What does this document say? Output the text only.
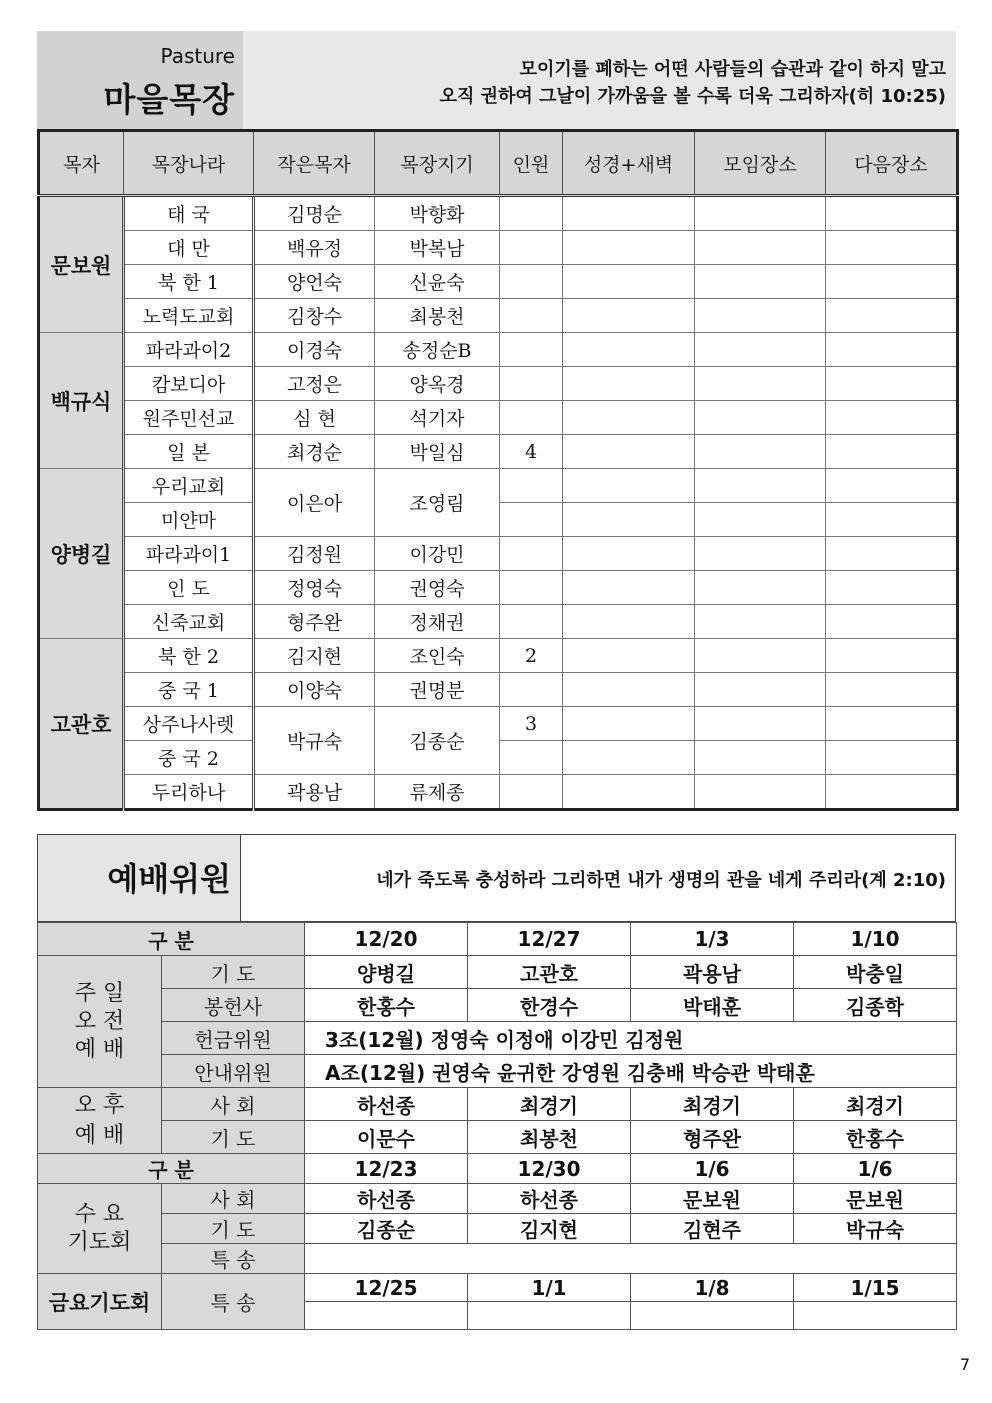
Pasture
마을목장
모이기를 폐하는 어떤 사람들의 습관과 같이 하지 말고
오직 권하여 그날이 가까움을 볼 수록 더욱 그리하자(히 10:25)
목자	목장나라	작은목자	목장지기	인원	성경+새벽	모임장소	다음장소
문보원	태 국	김명순	박향화				
	대 만	백유정	박복남				
	북 한 1	양언숙	신윤숙				
	노력도교회	김창수	최봉천				
백규식	파라과이2	이경숙	송정순B				
	캄보디아	고정은	양옥경				
	원주민선교	심 현	석기자				
	일 본	최경순	박일심	4			
양병길	우리교회	이은아	조영림				
	미얀마						
	파라과이1	김정원	이강민				
	인 도	정영숙	권영숙				
	신죽교회	형주완	정채권				
고관호	북 한 2	김지현	조인숙	2			
	중 국 1	이양숙	권명분				
	상주나사렛	박규숙	김종순	3			
	중 국 2						
	두리하나	곽용남	류제종				
예배위원	네가 죽도록 충성하라 그리하면 내가 생명의 관을 네게 주리라(계 2:10)
구 분		12/20	12/27	1/3	1/10

주 일
오 전
예 배	기 도	양병길	고관호	곽용남	박충일
	봉헌사	한홍수	한경수	박태훈	김종학
	헌금위원	3조(12월) 정영숙 이정애 이강민 김정원			
	안내위원	A조(12월) 권영숙 윤귀한 강영원 김충배 박승관 박태훈			

오 후
예 배	사 회	하선종	최경기	최경기	최경기
	기 도	이문수	최봉천	형주완	한홍수
구 분		12/23	12/30	1/6	1/6

수 요
기도회	사 회	하선종	하선종	문보원	문보원
	기 도	김종순	김지현	김현주	박규숙
	특 송				
금요기도회	특 송	12/25	1/1	1/8	1/15

7
